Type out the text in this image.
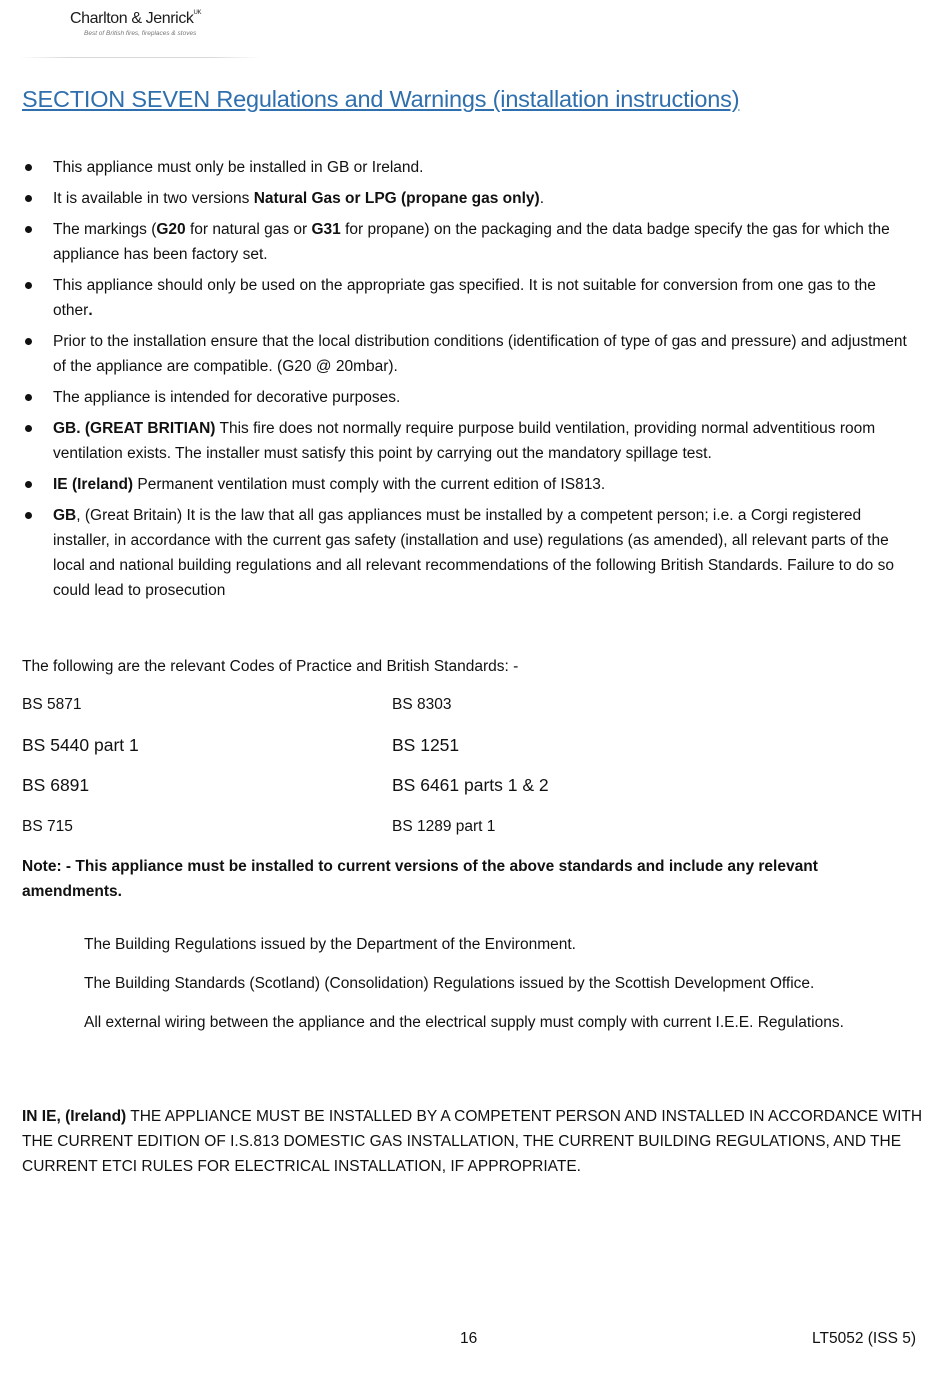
Charlton & Jenrick$^{UK}$
Best of British fires, fireplaces & stoves
SECTION SEVEN Regulations and Warnings (installation instructions)
This appliance must only be installed in GB or Ireland.
It is available in two versions Natural Gas or LPG (propane gas only).
The markings (G20 for natural gas or G31 for propane) on the packaging and the data badge specify the gas for which the appliance has been factory set.
This appliance should only be used on the appropriate gas specified. It is not suitable for conversion from one gas to the other.
Prior to the installation ensure that the local distribution conditions (identification of type of gas and pressure) and adjustment of the appliance are compatible. (G20 @ 20mbar).
The appliance is intended for decorative purposes.
GB. (GREAT BRITIAN) This fire does not normally require purpose build ventilation, providing normal adventitious room ventilation exists. The installer must satisfy this point by carrying out the mandatory spillage test.
IE (Ireland) Permanent ventilation must comply with the current edition of IS813.
GB, (Great Britain) It is the law that all gas appliances must be installed by a competent person; i.e. a Corgi registered installer, in accordance with the current gas safety (installation and use) regulations (as amended), all relevant parts of the local and national building regulations and all relevant recommendations of the following British Standards. Failure to do so could lead to prosecution
The following are the relevant Codes of Practice and British Standards: -
BS 5871	BS 8303
BS 5440 part 1	BS 1251
BS 6891	BS 6461 parts 1 & 2
BS 715	BS 1289 part 1
Note: - This appliance must be installed to current versions of the above standards and include any relevant amendments.

The Building Regulations issued by the Department of the Environment.

The Building Standards (Scotland) (Consolidation) Regulations issued by the Scottish Development Office.

All external wiring between the appliance and the electrical supply must comply with current I.E.E. Regulations.

IN IE, (Ireland) THE APPLIANCE MUST BE INSTALLED BY A COMPETENT PERSON AND INSTALLED IN ACCORDANCE WITH THE CURRENT EDITION OF I.S.813 DOMESTIC GAS INSTALLATION, THE CURRENT BUILDING REGULATIONS, AND THE CURRENT ETCI RULES FOR ELECTRICAL INSTALLATION, IF APPROPRIATE.
16	LT5052 (ISS 5)
